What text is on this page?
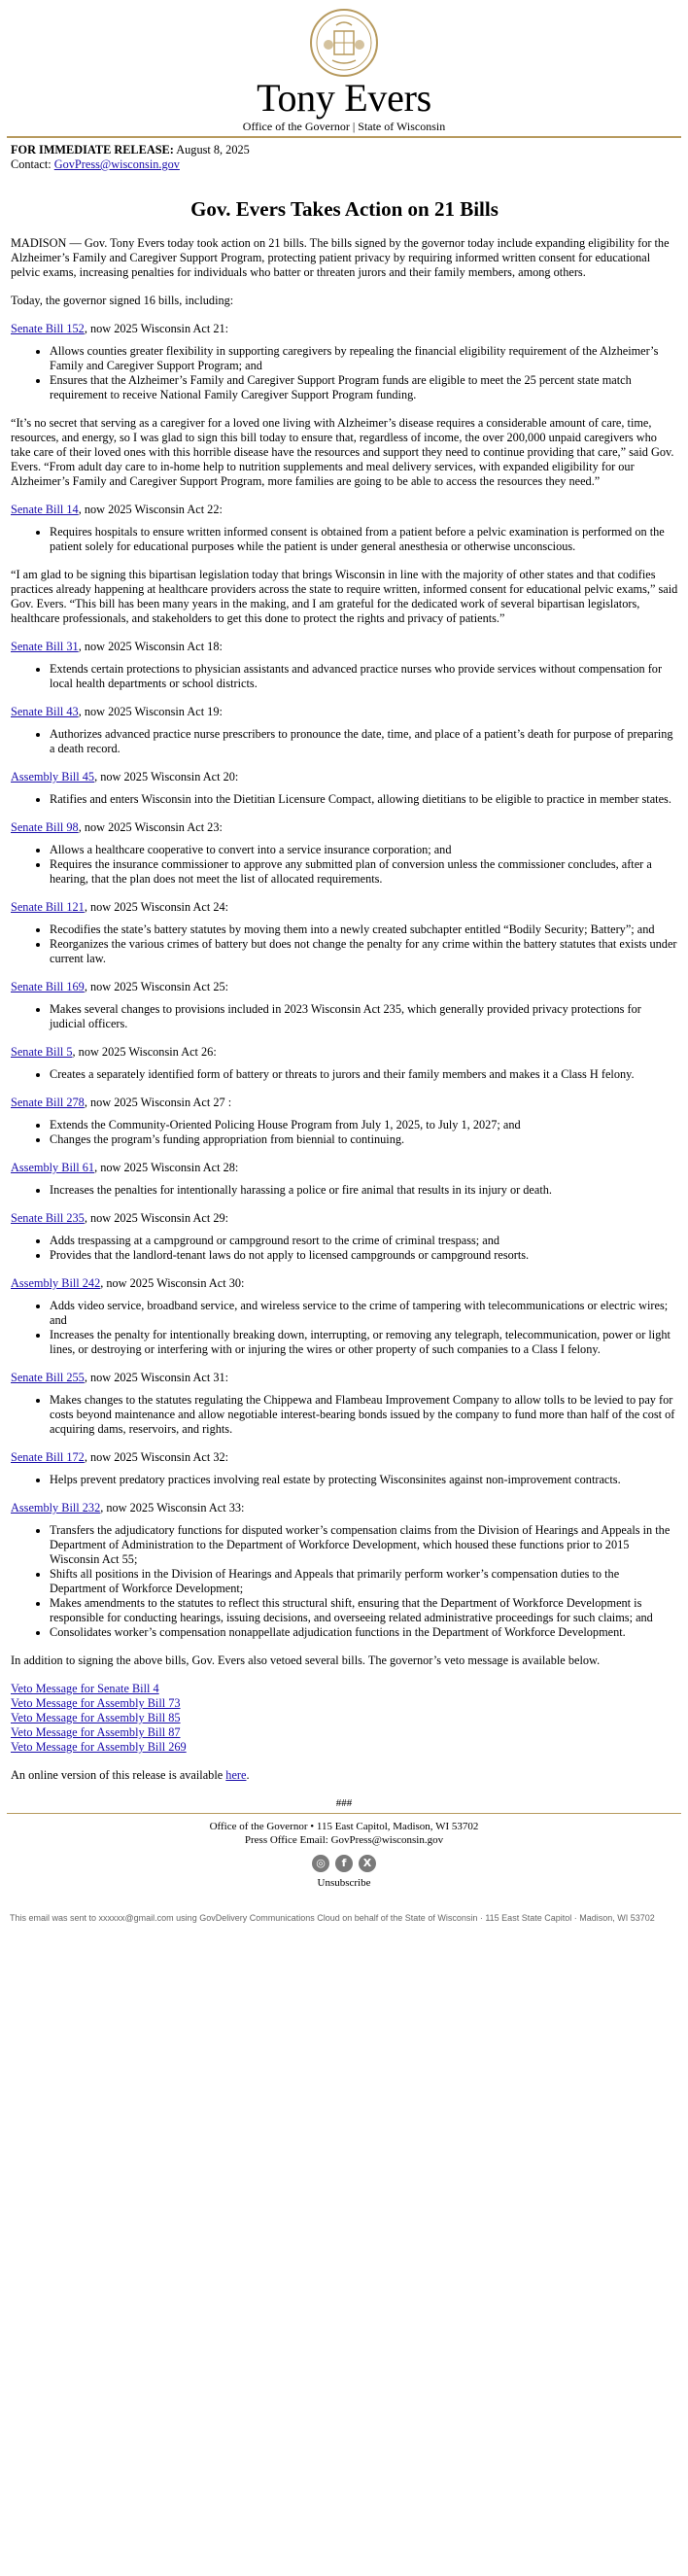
Tony Evers
Office of the Governor | State of Wisconsin
FOR IMMEDIATE RELEASE: August 8, 2025
Contact: GovPress@wisconsin.gov
Gov. Evers Takes Action on 21 Bills

MADISON — Gov. Tony Evers today took action on 21 bills. The bills signed by the governor today include expanding eligibility for the Alzheimer’s Family and Caregiver Support Program, protecting patient privacy by requiring informed written consent for educational pelvic exams, increasing penalties for individuals who batter or threaten jurors and their family members, among others.

Today, the governor signed 16 bills, including:

Senate Bill 152, now 2025 Wisconsin Act 21:
• Allows counties greater flexibility in supporting caregivers by repealing the financial eligibility requirement of the Alzheimer’s Family and Caregiver Support Program; and
• Ensures that the Alzheimer’s Family and Caregiver Support Program funds are eligible to meet the 25 percent state match requirement to receive National Family Caregiver Support Program funding.

“It’s no secret that serving as a caregiver for a loved one living with Alzheimer’s disease requires a considerable amount of care, time, resources, and energy, so I was glad to sign this bill today to ensure that, regardless of income, the over 200,000 unpaid caregivers who take care of their loved ones with this horrible disease have the resources and support they need to continue providing that care,” said Gov. Evers. “From adult day care to in-home help to nutrition supplements and meal delivery services, with expanded eligibility for our Alzheimer’s Family and Caregiver Support Program, more families are going to be able to access the resources they need.”

Senate Bill 14, now 2025 Wisconsin Act 22:
• Requires hospitals to ensure written informed consent is obtained from a patient before a pelvic examination is performed on the patient solely for educational purposes while the patient is under general anesthesia or otherwise unconscious.

“I am glad to be signing this bipartisan legislation today that brings Wisconsin in line with the majority of other states and that codifies practices already happening at healthcare providers across the state to require written, informed consent for educational pelvic exams,” said Gov. Evers. “This bill has been many years in the making, and I am grateful for the dedicated work of several bipartisan legislators, healthcare professionals, and stakeholders to get this done to protect the rights and privacy of patients.”

Senate Bill 31, now 2025 Wisconsin Act 18:
• Extends certain protections to physician assistants and advanced practice nurses who provide services without compensation for local health departments or school districts.
Senate Bill 43, now 2025 Wisconsin Act 19:
• Authorizes advanced practice nurse prescribers to pronounce the date, time, and place of a patient’s death for purpose of preparing a death record.
Assembly Bill 45, now 2025 Wisconsin Act 20:
• Ratifies and enters Wisconsin into the Dietitian Licensure Compact, allowing dietitians to be eligible to practice in member states.
Senate Bill 98, now 2025 Wisconsin Act 23:
• Allows a healthcare cooperative to convert into a service insurance corporation; and
• Requires the insurance commissioner to approve any submitted plan of conversion unless the commissioner concludes, after a hearing, that the plan does not meet the list of allocated requirements.
Senate Bill 121, now 2025 Wisconsin Act 24:
• Recodifies the state’s battery statutes by moving them into a newly created subchapter entitled “Bodily Security; Battery”; and
• Reorganizes the various crimes of battery but does not change the penalty for any crime within the battery statutes that exists under current law.
Senate Bill 169, now 2025 Wisconsin Act 25:
• Makes several changes to provisions included in 2023 Wisconsin Act 235, which generally provided privacy protections for judicial officers.
Senate Bill 5, now 2025 Wisconsin Act 26:
• Creates a separately identified form of battery or threats to jurors and their family members and makes it a Class H felony.
Senate Bill 278, now 2025 Wisconsin Act 27 :
• Extends the Community-Oriented Policing House Program from July 1, 2025, to July 1, 2027; and
• Changes the program’s funding appropriation from biennial to continuing.
Assembly Bill 61, now 2025 Wisconsin Act 28:
• Increases the penalties for intentionally harassing a police or fire animal that results in its injury or death.
Senate Bill 235, now 2025 Wisconsin Act 29:
• Adds trespassing at a campground or campground resort to the crime of criminal trespass; and
• Provides that the landlord-tenant laws do not apply to licensed campgrounds or campground resorts.
Assembly Bill 242, now 2025 Wisconsin Act 30:
• Adds video service, broadband service, and wireless service to the crime of tampering with telecommunications or electric wires; and
• Increases the penalty for intentionally breaking down, interrupting, or removing any telegraph, telecommunication, power or light lines, or destroying or interfering with or injuring the wires or other property of such companies to a Class I felony.
Senate Bill 255, now 2025 Wisconsin Act 31:
• Makes changes to the statutes regulating the Chippewa and Flambeau Improvement Company to allow tolls to be levied to pay for costs beyond maintenance and allow negotiable interest-bearing bonds issued by the company to fund more than half of the cost of acquiring dams, reservoirs, and rights.
Senate Bill 172, now 2025 Wisconsin Act 32:
• Helps prevent predatory practices involving real estate by protecting Wisconsinites against non-improvement contracts.
Assembly Bill 232, now 2025 Wisconsin Act 33:
• Transfers the adjudicatory functions for disputed worker’s compensation claims from the Division of Hearings and Appeals in the Department of Administration to the Department of Workforce Development, which housed these functions prior to 2015 Wisconsin Act 55;
• Shifts all positions in the Division of Hearings and Appeals that primarily perform worker’s compensation duties to the Department of Workforce Development;
• Makes amendments to the statutes to reflect this structural shift, ensuring that the Department of Workforce Development is responsible for conducting hearings, issuing decisions, and overseeing related administrative proceedings for such claims; and
• Consolidates worker’s compensation nonappellate adjudication functions in the Department of Workforce Development.

In addition to signing the above bills, Gov. Evers also vetoed several bills. The governor’s veto message is available below.

Veto Message for Senate Bill 4
Veto Message for Assembly Bill 73
Veto Message for Assembly Bill 85
Veto Message for Assembly Bill 87
Veto Message for Assembly Bill 269

An online version of this release is available here.

###
Office of the Governor • 115 East Capitol, Madison, WI 53702
Press Office Email: GovPress@wisconsin.gov
◎	f	X
Unsubscribe
This email was sent to xxxxxx@gmail.com using GovDelivery Communications Cloud on behalf of the State of Wisconsin · 115 East State Capitol · Madison, WI 53702
